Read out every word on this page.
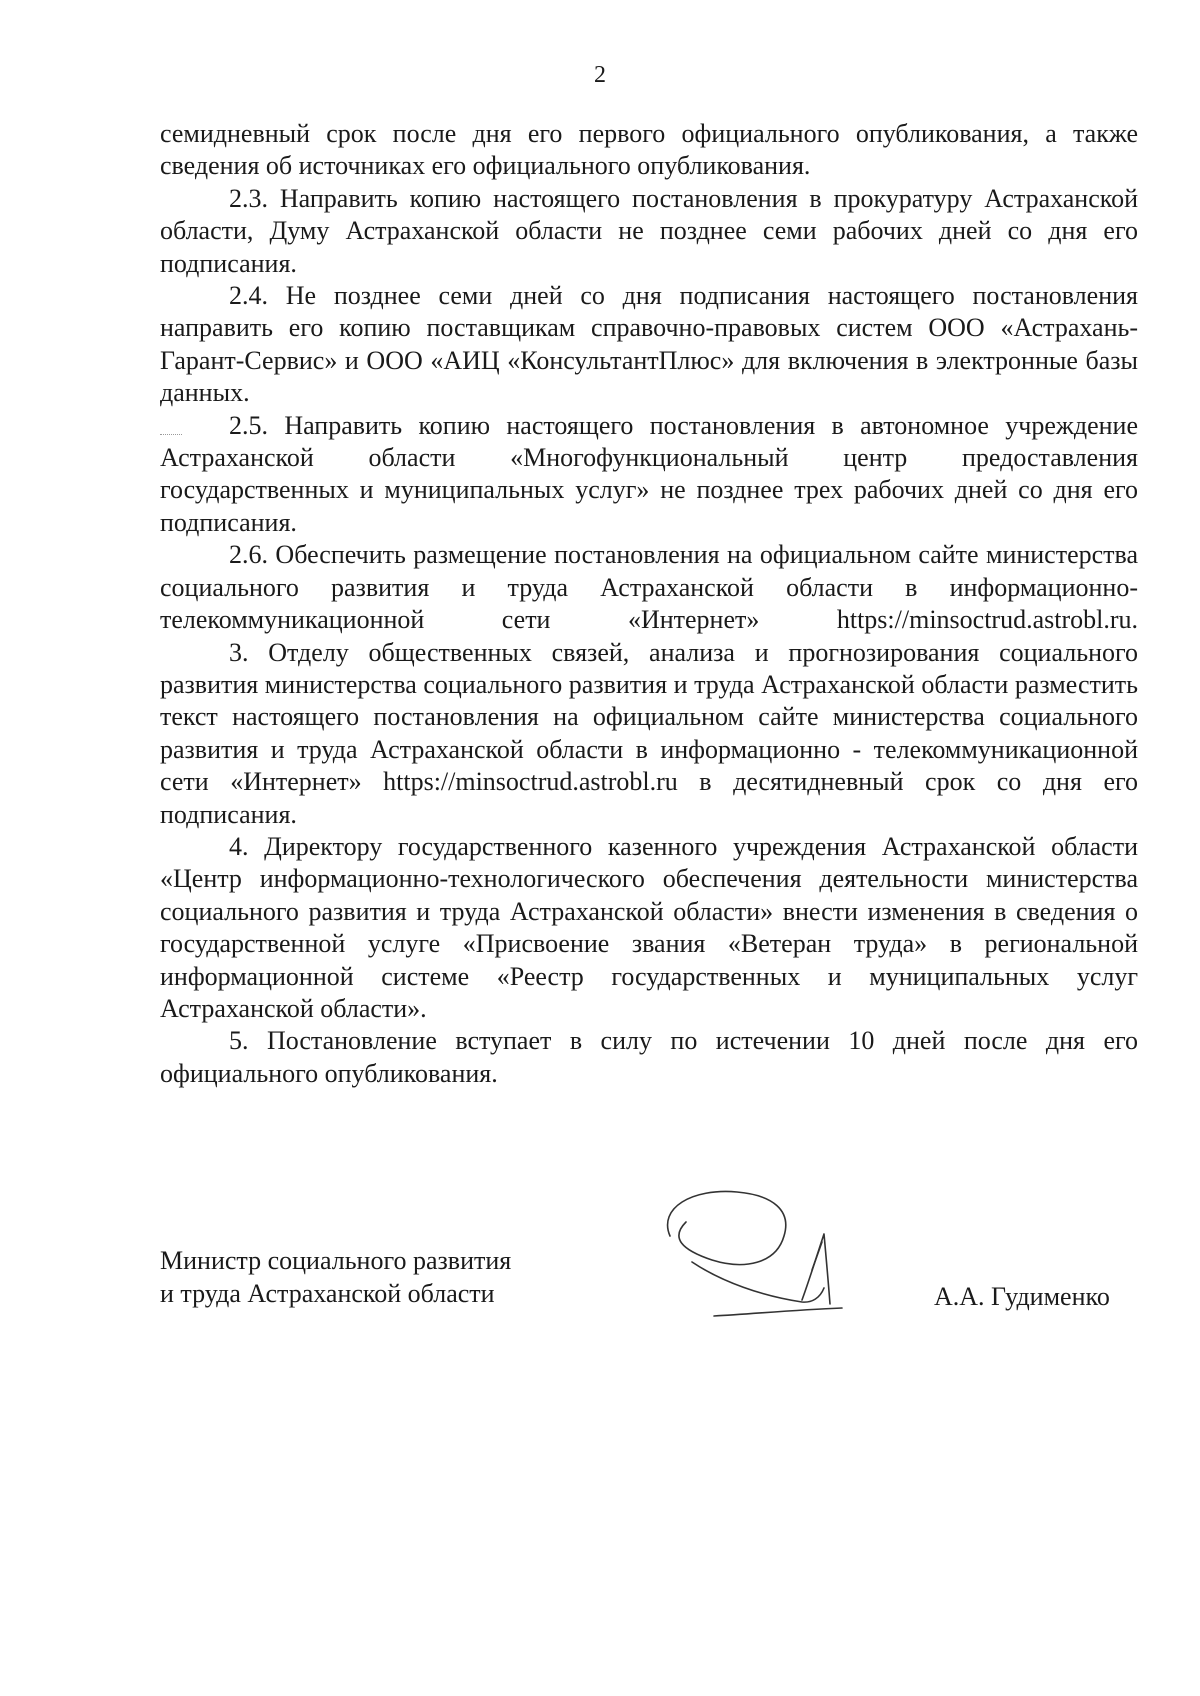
2

семидневный срок после дня его первого официального опубликования, а также сведения об источниках его официального опубликования.

2.3. Направить копию настоящего постановления в прокуратуру Астраханской области, Думу Астраханской области не позднее семи рабочих дней со дня его подписания.

2.4. Не позднее семи дней со дня подписания настоящего постановления направить его копию поставщикам справочно-правовых систем ООО «Астрахань-Гарант-Сервис» и ООО «АИЦ «КонсультантПлюс» для включения в электронные базы данных.

2.5. Направить копию настоящего постановления в автономное учреждение Астраханской области «Многофункциональный центр предоставления государственных и муниципальных услуг» не позднее трех рабочих дней со дня его подписания.

2.6. Обеспечить размещение постановления на официальном сайте министерства социального развития и труда Астраханской области в информационно-телекоммуникационной сети «Интернет» https://minsoctrud.astrobl.ru.

3. Отделу общественных связей, анализа и прогнозирования социального развития министерства социального развития и труда Астраханской области разместить текст настоящего постановления на официальном сайте министерства социального развития и труда Астраханской области в информационно - телекоммуникационной сети «Интернет» https://minsoctrud.astrobl.ru в десятидневный срок со дня его подписания.

4. Директору государственного казенного учреждения Астраханской области «Центр информационно-технологического обеспечения деятельности министерства социального развития и труда Астраханской области» внести изменения в сведения о государственной услуге «Присвоение звания «Ветеран труда» в региональной информационной системе «Реестр государственных и муниципальных услуг Астраханской области».

5. Постановление вступает в силу по истечении 10 дней после дня его официального опубликования.

Министр социального развития
и труда Астраханской области	А.А. Гудименко
